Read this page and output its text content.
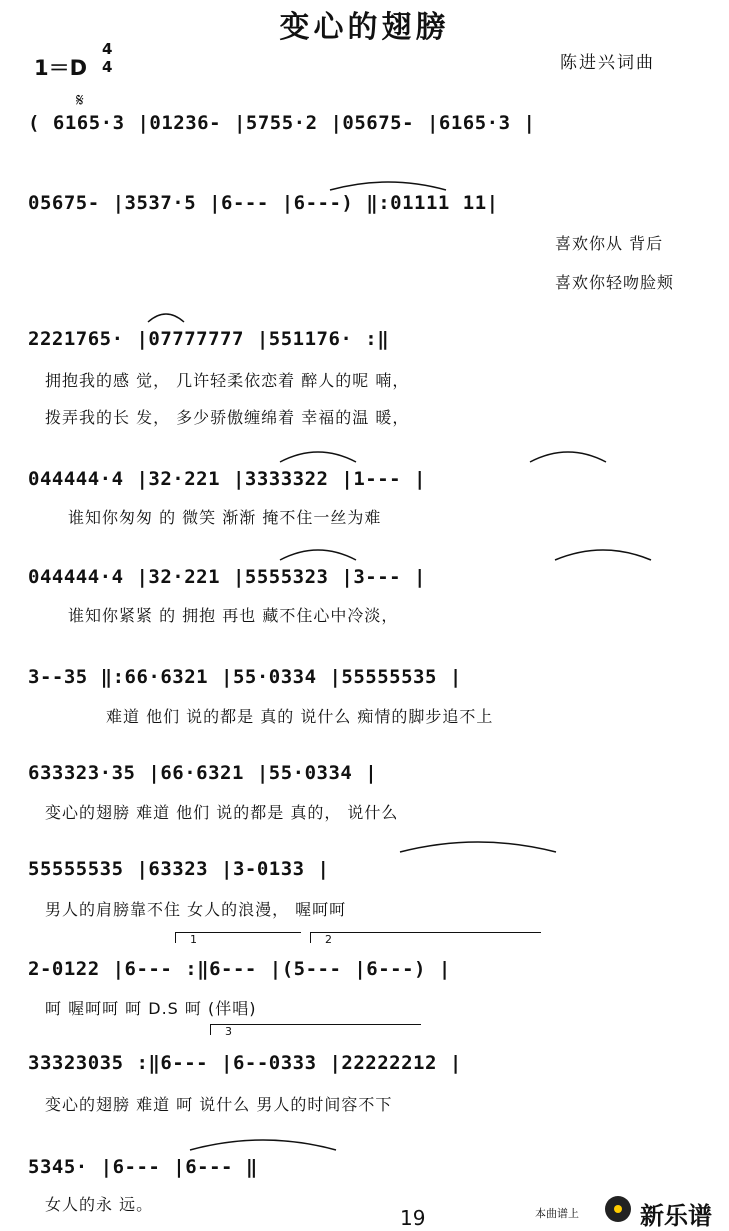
变心的翅膀
1＝D
4
4	陈进兴词曲
𝄋
( 6165·3 |01236- |5755·2 |05675- |6165·3 |
05675- |3537·5 |6--- |6---) ‖:01111 11|
喜欢你从 背后
喜欢你轻吻脸颊
2221765· |07777777 |551176· :‖
拥抱我的感 觉， 几许轻柔依恋着 醉人的呢 喃，
拨弄我的长 发， 多少骄傲缠绵着 幸福的温 暖，
044444·4 |32·221 |3333322 |1--- |
谁知你匆匆 的 微笑 渐渐 掩不住一丝为难
044444·4 |32·221 |5555323 |3--- |
谁知你紧紧 的 拥抱 再也 藏不住心中冷淡，
3--35 ‖:66·6321 |55·0334 |55555535 |
难道 他们 说的都是 真的 说什么 痴情的脚步追不上
633323·35 |66·6321 |55·0334 |
变心的翅膀 难道 他们 说的都是 真的， 说什么
55555535 |63323 |3-0133 |
男人的肩膀靠不住 女人的浪漫， 喔呵呵
1	2
2-0122 |6--- :‖6--- |(5--- |6---) |
呵 喔呵呵 呵 D.S 呵 (伴唱)
3
33323035 :‖6--- |6--0333 |22222212 |
变心的翅膀 难道 呵 说什么 男人的时间容不下
5345· |6--- |6--- ‖
女人的永 远。
19	本曲谱上	新乐谱
